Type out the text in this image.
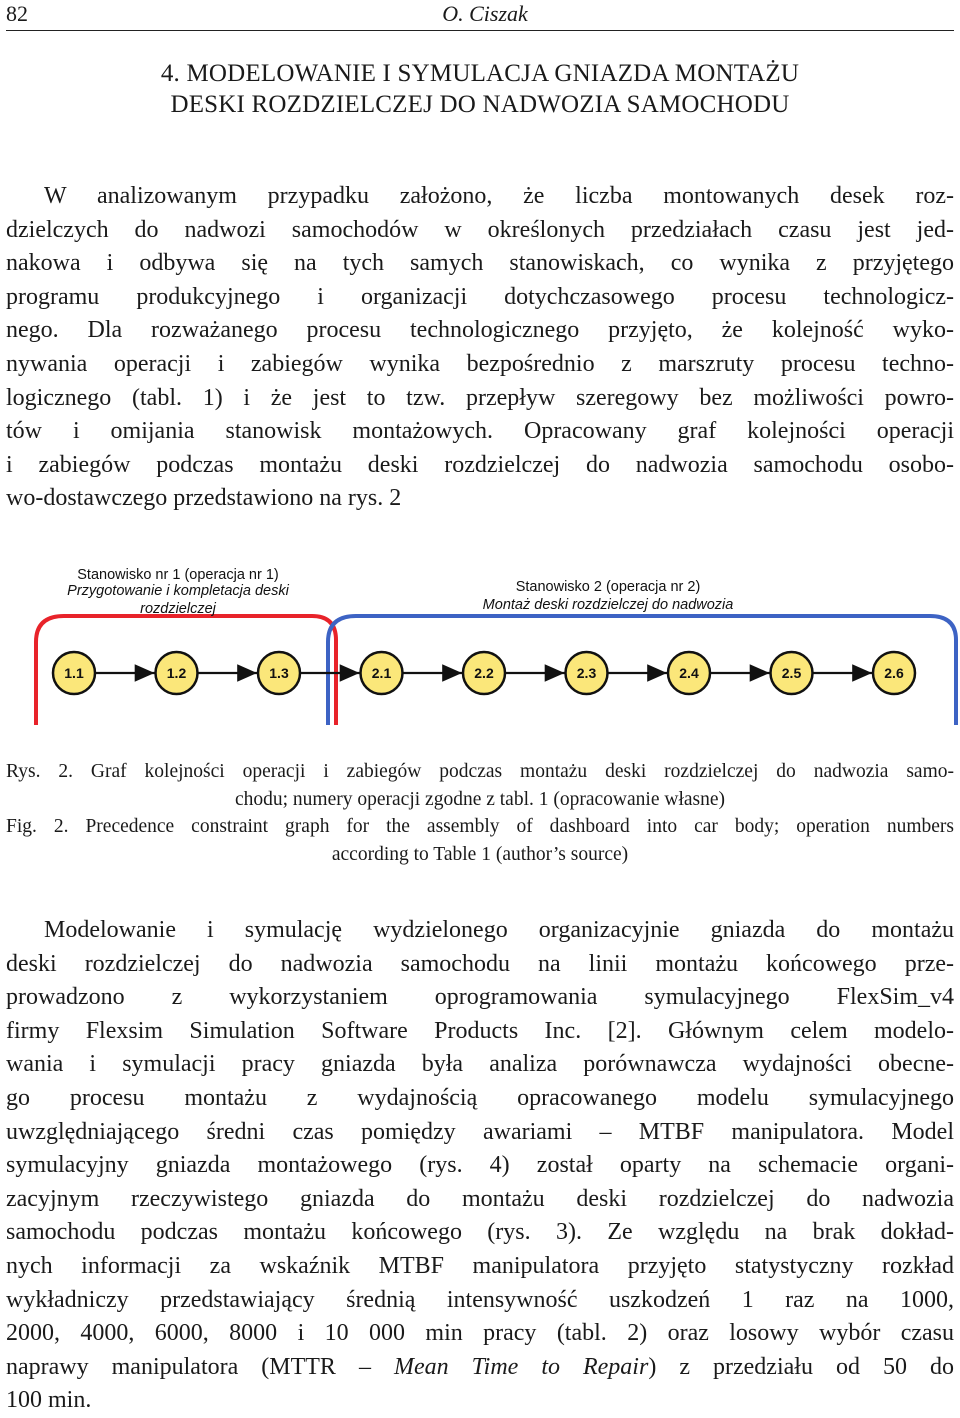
82	O. Ciszak
4. MODELOWANIE I SYMULACJA GNIAZDA MONTAŻU
DESKI ROZDZIELCZEJ DO NADWOZIA SAMOCHODU
W analizowanym przypadku założono, że liczba montowanych desek roz-
dzielczych do nadwozi samochodów w określonych przedziałach czasu jest jed-
nakowa i odbywa się na tych samych stanowiskach, co wynika z przyjętego
programu produkcyjnego i organizacji dotychczasowego procesu technologicz-
nego. Dla rozważanego procesu technologicznego przyjęto, że kolejność wyko-
nywania operacji i zabiegów wynika bezpośrednio z marszruty procesu techno-
logicznego (tabl. 1) i że jest to tzw. przepływ szeregowy bez możliwości powro-
tów i omijania stanowisk montażowych. Opracowany graf kolejności operacji
i zabiegów podczas montażu deski rozdzielczej do nadwozia samochodu osobo-
wo-dostawczego przedstawiono na rys. 2
Stanowisko nr 1 (operacja nr 1)
Przygotowanie i kompletacja deski
rozdzielczej
Stanowisko 2 (operacja nr 2)
Montaż deski rozdzielczej do nadwozia
1.1	1.2	1.3	2.1	2.2	2.3	2.4	2.5	2.6
Rys. 2. Graf kolejności operacji i zabiegów podczas montażu deski rozdzielczej do nadwozia samo-
chodu; numery operacji zgodne z tabl. 1 (opracowanie własne)
Fig. 2. Precedence constraint graph for the assembly of dashboard into car body; operation numbers
according to Table 1 (author’s source)
Modelowanie i symulację wydzielonego organizacyjnie gniazda do montażu
deski rozdzielczej do nadwozia samochodu na linii montażu końcowego prze-
prowadzono z wykorzystaniem oprogramowania symulacyjnego FlexSim_v4
firmy Flexsim Simulation Software Products Inc. [2]. Głównym celem modelo-
wania i symulacji pracy gniazda była analiza porównawcza wydajności obecne-
go procesu montażu z wydajnością opracowanego modelu symulacyjnego
uwzględniającego średni czas pomiędzy awariami – MTBF manipulatora. Model
symulacyjny gniazda montażowego (rys. 4) został oparty na schemacie organi-
zacyjnym rzeczywistego gniazda do montażu deski rozdzielczej do nadwozia
samochodu podczas montażu końcowego (rys. 3). Ze względu na brak dokład-
nych informacji za wskaźnik MTBF manipulatora przyjęto statystyczny rozkład
wykładniczy przedstawiający średnią intensywność uszkodzeń 1 raz na 1000,
2000, 4000, 6000, 8000 i 10 000 min pracy (tabl. 2) oraz losowy wybór czasu
naprawy manipulatora (MTTR – Mean Time to Repair) z przedziału od 50 do
100 min.
